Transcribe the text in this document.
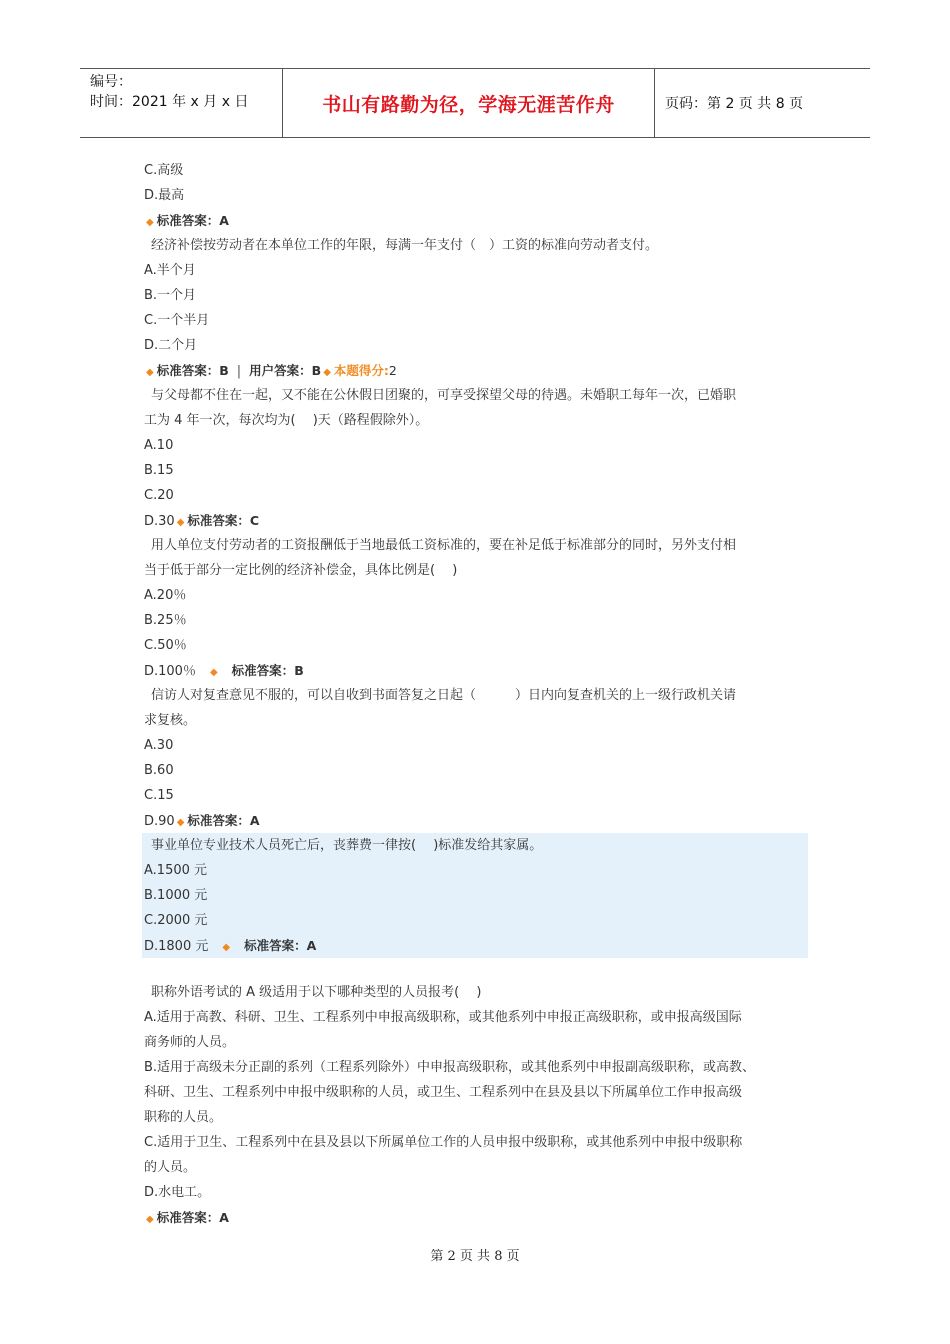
编号：
时间：2021 年 x 月 x 日	书山有路勤为径，学海无涯苦作舟	页码：第 2 页 共 8 页
C.高级
D.最高
◆ 标准答案：A
经济补偿按劳动者在本单位工作的年限，每满一年支付（　）工资的标准向劳动者支付。
A.半个月
B.一个月
C.一个半月
D.二个月
◆ 标准答案：B | 用户答案：B ◆ 本题得分:2
与父母都不住在一起，又不能在公休假日团聚的，可享受探望父母的待遇。未婚职工每年一次，已婚职
工为 4 年一次，每次均为(　 )天（路程假除外）。
A.10
B.15
C.20
D.30 ◆ 标准答案：C
用人单位支付劳动者的工资报酬低于当地最低工资标准的，要在补足低于标准部分的同时，另外支付相
当于低于部分一定比例的经济补偿金，具体比例是(　 )
A.20％
B.25％
C.50％
D.100％ ◆ 标准答案：B
信访人对复查意见不服的，可以自收到书面答复之日起（　　　）日内向复查机关的上一级行政机关请
求复核。
A.30
B.60
C.15
D.90 ◆ 标准答案：A
事业单位专业技术人员死亡后，丧葬费一律按(　 )标准发给其家属。
A.1500 元
B.1000 元
C.2000 元
D.1800 元 ◆ 标准答案：A
职称外语考试的 A 级适用于以下哪种类型的人员报考(　 )
A.适用于高教、科研、卫生、工程系列中申报高级职称，或其他系列中申报正高级职称，或申报高级国际
商务师的人员。
B.适用于高级未分正副的系列（工程系列除外）中申报高级职称，或其他系列中申报副高级职称，或高教、
科研、卫生、工程系列中申报中级职称的人员，或卫生、工程系列中在县及县以下所属单位工作申报高级
职称的人员。
C.适用于卫生、工程系列中在县及县以下所属单位工作的人员申报中级职称，或其他系列中申报中级职称
的人员。
D.水电工。
◆ 标准答案：A
第 2 页 共 8 页
